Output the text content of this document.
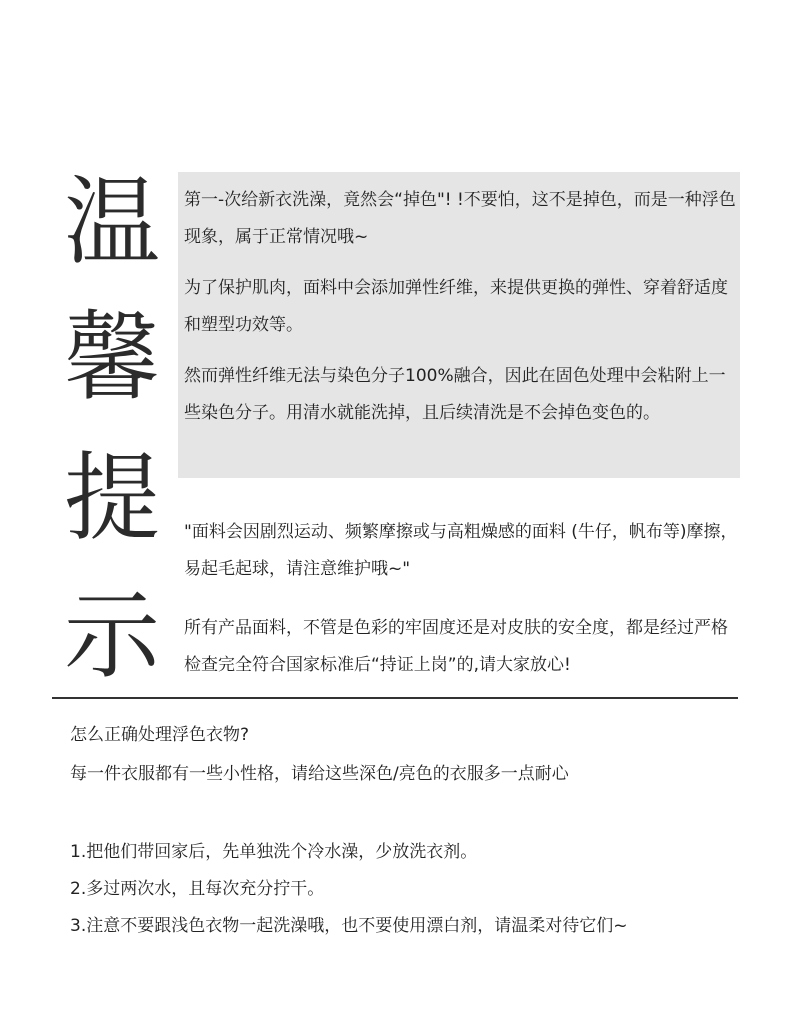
温
馨
提
示
第一-次给新衣洗澡，竟然会“掉色"! !不要怕，这不是掉色，而是一种浮色现象，属于正常情况哦~
为了保护肌肉，面料中会添加弹性纤维，来提供更换的弹性、穿着舒适度和塑型功效等。
然而弹性纤维无法与染色分子100%融合，因此在固色处理中会粘附上一些染色分子。用清水就能洗掉，且后续清洗是不会掉色变色的。
"面料会因剧烈运动、频繁摩擦或与高粗燥感的面料 (牛仔，帆布等)摩擦，易起毛起球，请注意维护哦~"
所有产品面料，不管是色彩的牢固度还是对皮肤的安全度，都是经过严格检查完全符合国家标准后“持证上岗”的,请大家放心!
怎么正确处理浮色衣物?
每一件衣服都有一些小性格，请给这些深色/亮色的衣服多一点耐心
1.把他们带回家后，先单独洗个冷水澡，少放洗衣剂。
2.多过两次水，且每次充分拧干。
3.注意不要跟浅色衣物一起洗澡哦，也不要使用漂白剂，请温柔对待它们~
